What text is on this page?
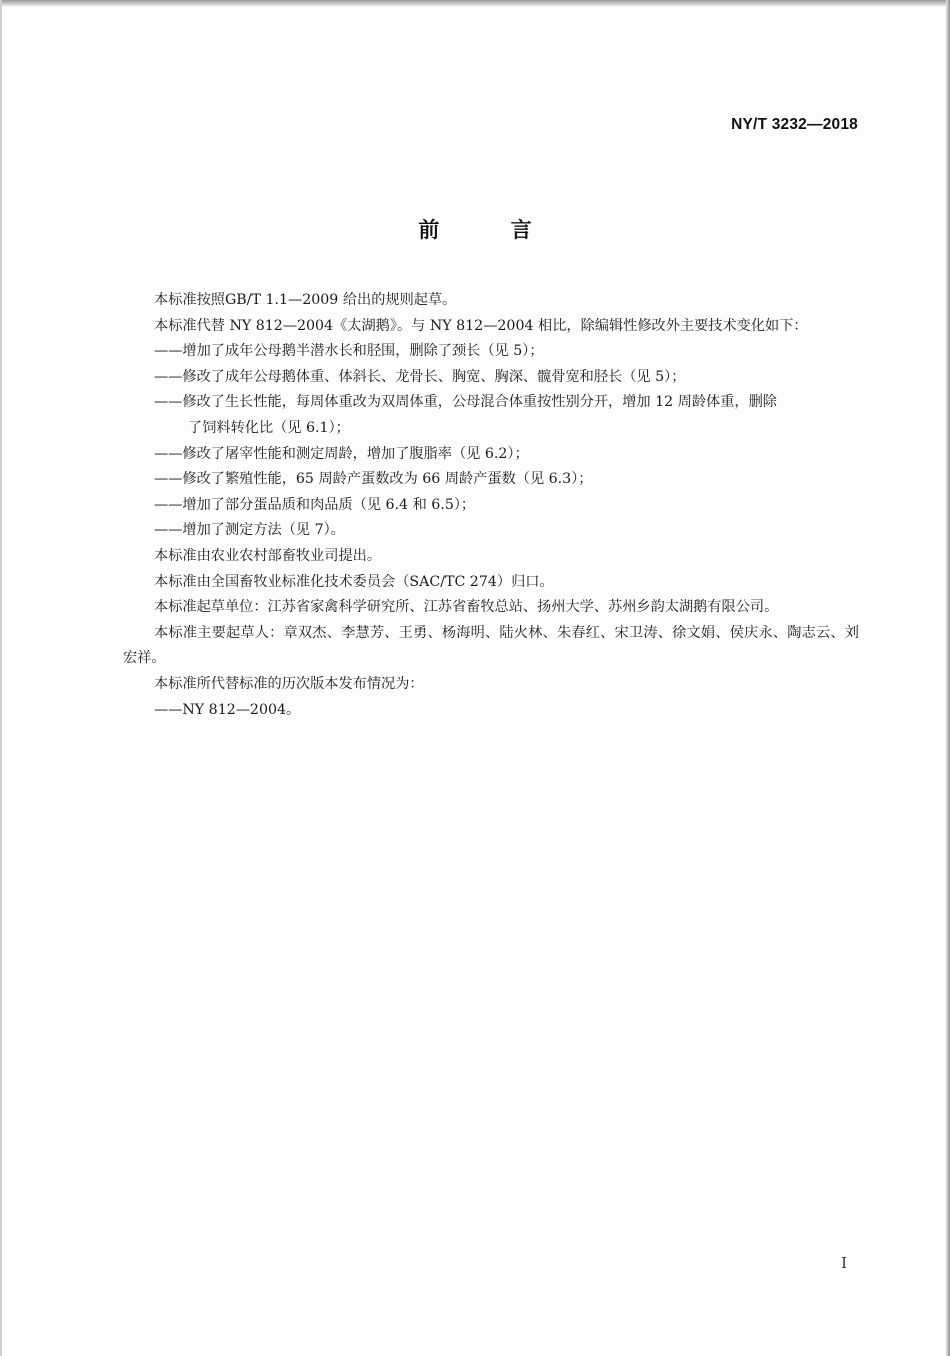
NY/T 3232—2018
前 言

本标准按照GB/T 1.1—2009 给出的规则起草。

本标准代替 NY 812—2004《太湖鹅》。与 NY 812—2004 相比，除编辑性修改外主要技术变化如下：

——增加了成年公母鹅半潜水长和胫围，删除了颈长（见 5）；

——修改了成年公母鹅体重、体斜长、龙骨长、胸宽、胸深、髋骨宽和胫长（见 5）；

——修改了生长性能，每周体重改为双周体重，公母混合体重按性别分开，增加 12 周龄体重，删除
了饲料转化比（见 6.1）；

——修改了屠宰性能和测定周龄，增加了腹脂率（见 6.2）；

——修改了繁殖性能，65 周龄产蛋数改为 66 周龄产蛋数（见 6.3）；

——增加了部分蛋品质和肉品质（见 6.4 和 6.5）；

——增加了测定方法（见 7）。

本标准由农业农村部畜牧业司提出。

本标准由全国畜牧业标准化技术委员会（SAC/TC 274）归口。

本标准起草单位：江苏省家禽科学研究所、江苏省畜牧总站、扬州大学、苏州乡韵太湖鹅有限公司。

本标准主要起草人：章双杰、李慧芳、王勇、杨海明、陆火林、朱春红、宋卫涛、徐文娟、侯庆永、陶志云、刘宏祥。

本标准所代替标准的历次版本发布情况为：

——NY 812—2004。

I
